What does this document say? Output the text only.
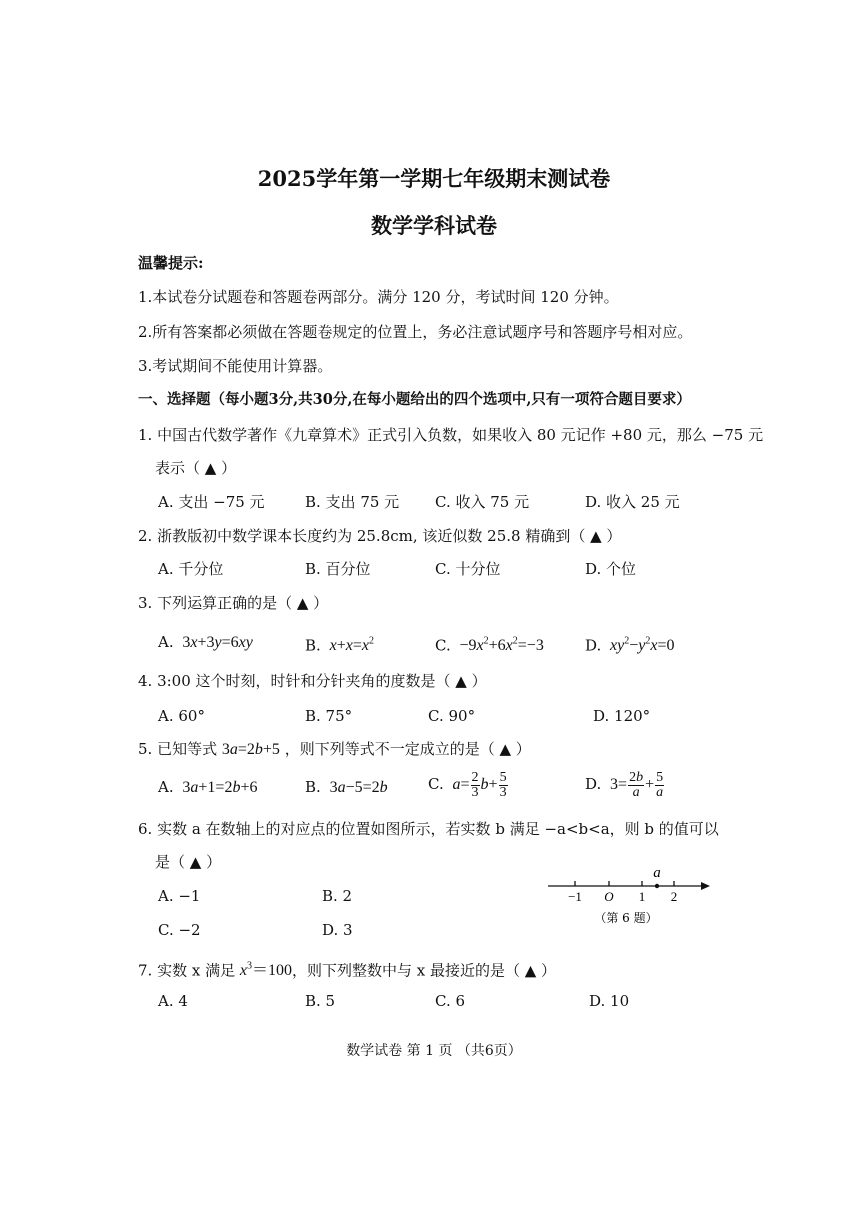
2025学年第一学期七年级期末测试卷
数学学科试卷
温馨提示:
1.本试卷分试题卷和答题卷两部分。满分 120 分，考试时间 120 分钟。
2.所有答案都必须做在答题卷规定的位置上，务必注意试题序号和答题序号相对应。
3.考试期间不能使用计算器。
一、选择题（每小题3分,共30分,在每小题给出的四个选项中,只有一项符合题目要求）
1. 中国古代数学著作《九章算术》正式引入负数，如果收入 80 元记作 +80 元，那么 −75 元
表示（ ▲ ）
A. 支出 −75 元	B. 支出 75 元 C. 收入 75 元	D. 收入 25 元
2. 浙教版初中数学课本长度约为 25.8cm, 该近似数 25.8 精确到（ ▲ ）
A. 千分位	B. 百分位	C. 十分位	D. 个位
3. 下列运算正确的是（ ▲ ）
A.  3x+3y=6xy	B. $x+x=x^2$	C.  $-9x^2+6x^2=-3$	D. $xy^2-y^2x=0$
4. 3:00 这个时刻，时针和分针夹角的度数是（ ▲ ）
A. 60°	B. 75°	C. 90°	D. 120°
5. 已知等式 3a=2b+5 ，则下列等式不一定成立的是（ ▲ ）
A.  3a+1=2b+6	B.  3a−5=2b	C. $a= \frac{2}{3} b+ \frac{5}{3}$	D.  $3= \frac{2b}{a} + \frac{5}{a}$
6. 实数 a 在数轴上的对应点的位置如图所示，若实数 b 满足 −a<b<a，则 b 的值可以
是（ ▲ ）
A. −1	B. 2
C. −2	D. 3
a
−1 O 1 2
（第 6 题）
7. 实数 x 满足 $x^3=100$，则下列整数中与 x 最接近的是（ ▲ ）
A. 4	B. 5	C. 6	D. 10
数学试卷 第 1 页 （共6页）
